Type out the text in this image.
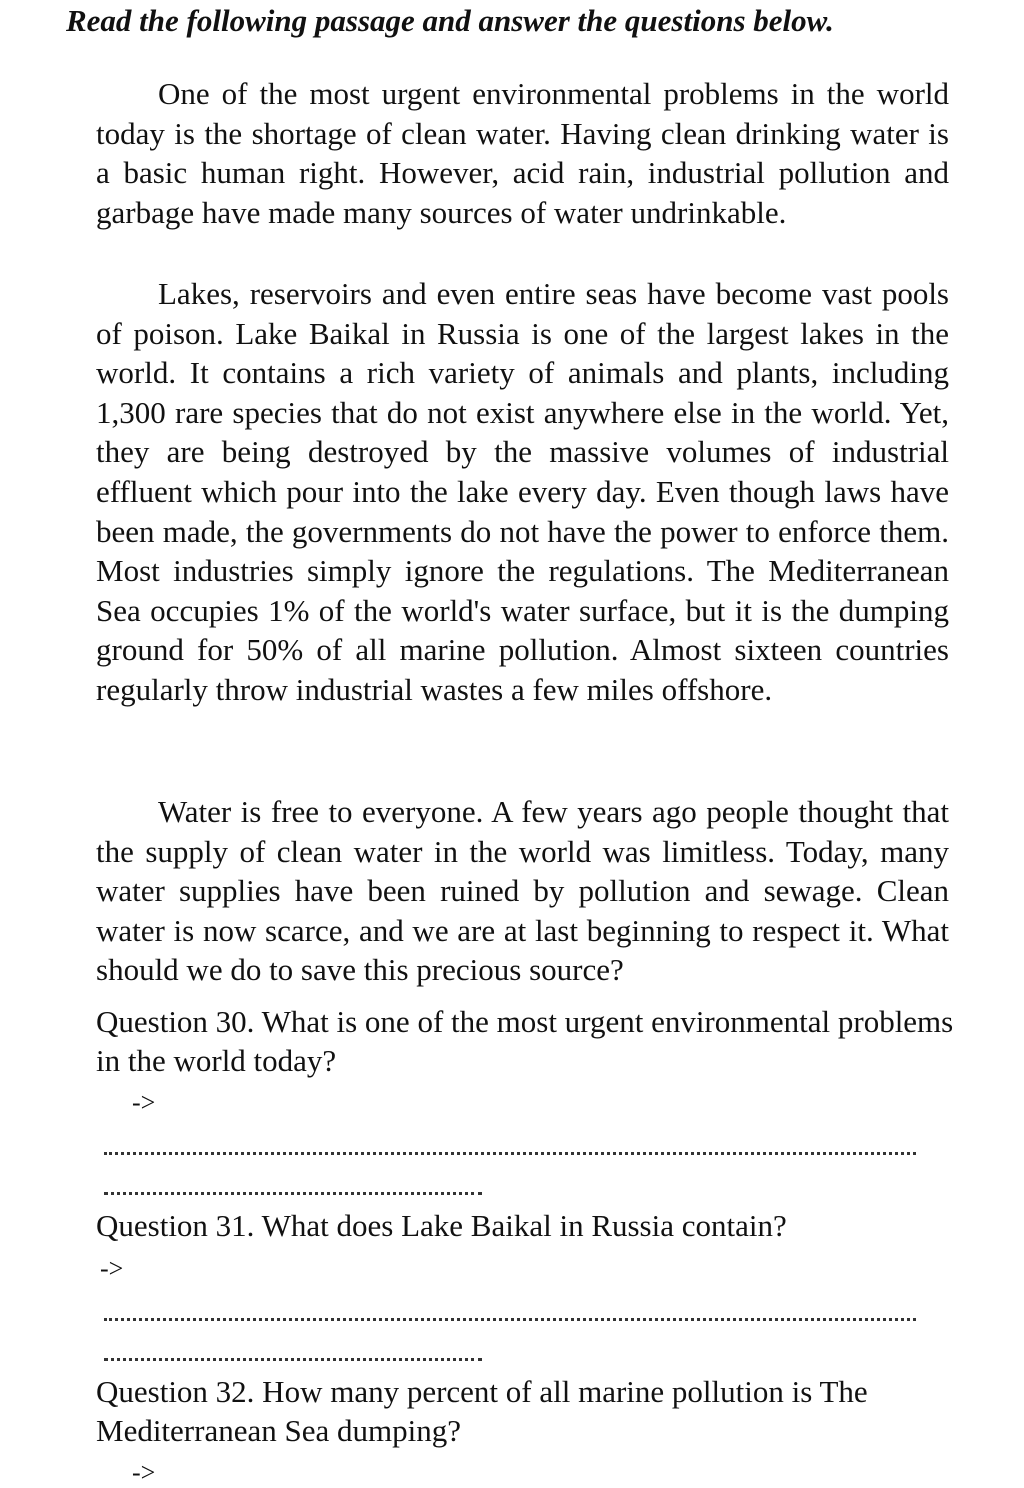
Read the following passage and answer the questions below.

One of the most urgent environmental problems in the world today is the shortage of clean water. Having clean drinking water is a basic human right. However, acid rain, industrial pollution and garbage have made many sources of water undrinkable.

Lakes, reservoirs and even entire seas have become vast pools of poison. Lake Baikal in Russia is one of the largest lakes in the world. It contains a rich variety of animals and plants, including 1,300 rare species that do not exist anywhere else in the world. Yet, they are being destroyed by the massive volumes of industrial effluent which pour into the lake every day. Even though laws have been made, the governments do not have the power to enforce them. Most industries simply ignore the regulations. The Mediterranean Sea occupies 1% of the world's water surface, but it is the dumping ground for 50% of all marine pollution. Almost sixteen countries regularly throw industrial wastes a few miles offshore.

Water is free to everyone. A few years ago people thought that the supply of clean water in the world was limitless. Today, many water supplies have been ruined by pollution and sewage. Clean water is now scarce, and we are at last beginning to respect it. What should we do to save this precious source?

Question 30. What is one of the most urgent environmental problems in the world today?
->
Question 31. What does Lake Baikal in Russia contain?
->
Question 32. How many percent of all marine pollution is The Mediterranean Sea dumping?
->
